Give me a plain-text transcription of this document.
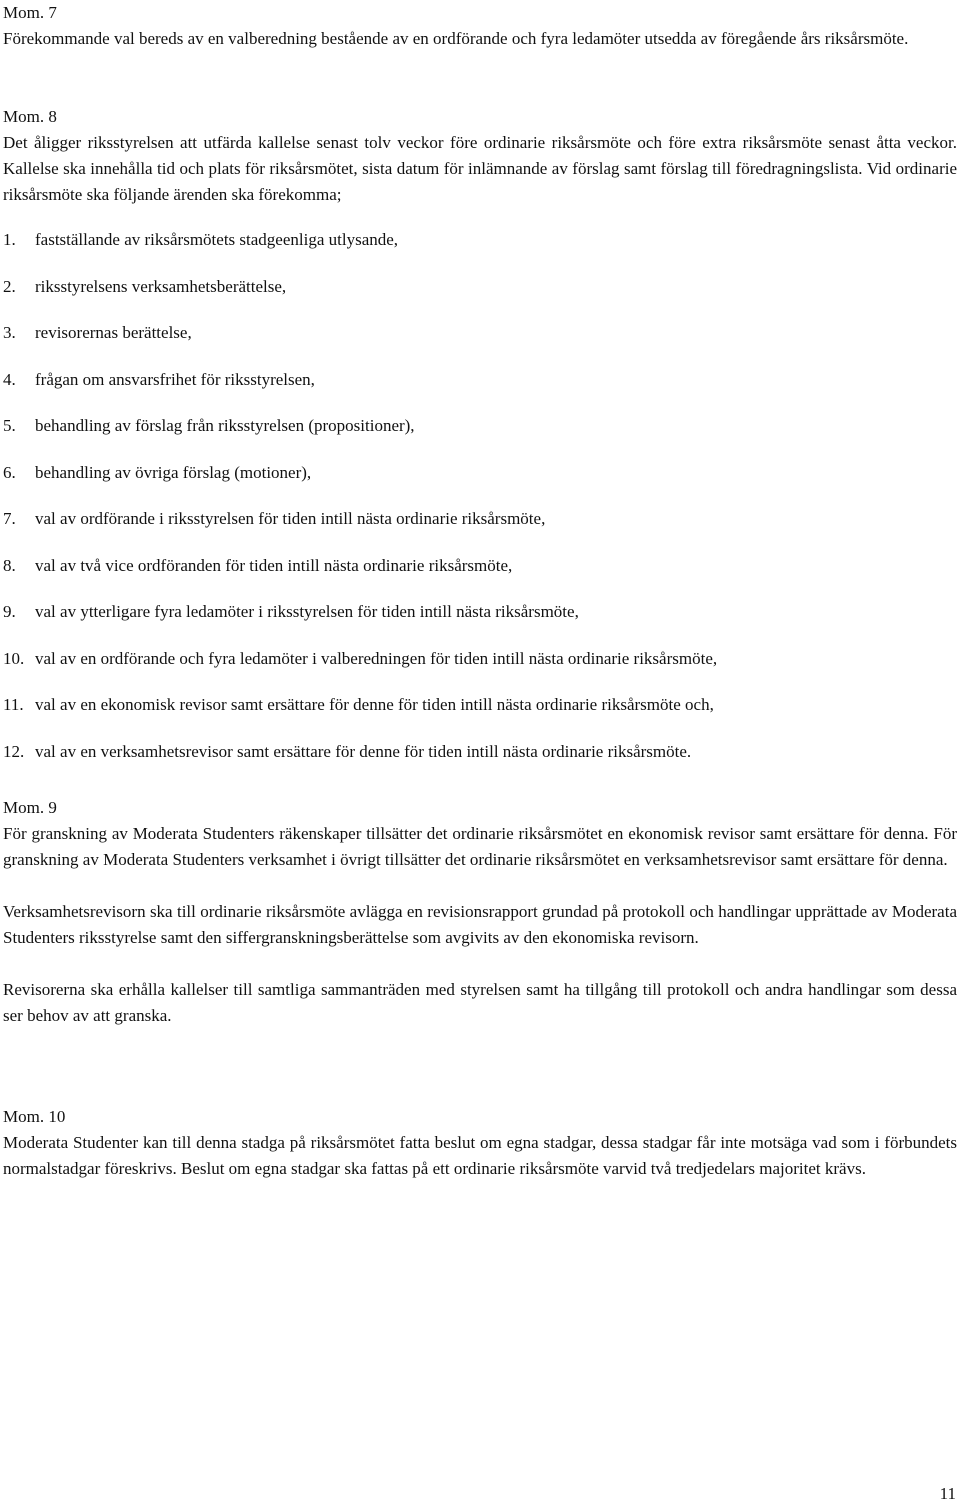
Mom. 7

Förekommande val bereds av en valberedning bestående av en ordförande och fyra ledamöter utsedda av föregående års riksårsmöte.

Mom. 8

Det åligger riksstyrelsen att utfärda kallelse senast tolv veckor före ordinarie riksårsmöte och före extra riksårsmöte senast åtta veckor. Kallelse ska innehålla tid och plats för riksårsmötet, sista datum för inlämnande av förslag samt förslag till föredragningslista. Vid ordinarie riksårsmöte ska följande ärenden ska förekomma;

1. fastställande av riksårsmötets stadgeenliga utlysande,
2. riksstyrelsens verksamhetsberättelse,
3. revisorernas berättelse,
4. frågan om ansvarsfrihet för riksstyrelsen,
5. behandling av förslag från riksstyrelsen (propositioner),
6. behandling av övriga förslag (motioner),
7. val av ordförande i riksstyrelsen för tiden intill nästa ordinarie riksårsmöte,
8. val av två vice ordföranden för tiden intill nästa ordinarie riksårsmöte,
9. val av ytterligare fyra ledamöter i riksstyrelsen för tiden intill nästa riksårsmöte,
10. val av en ordförande och fyra ledamöter i valberedningen för tiden intill nästa ordinarie riksårsmöte,
11. val av en ekonomisk revisor samt ersättare för denne för tiden intill nästa ordinarie riksårsmöte och,
12. val av en verksamhetsrevisor samt ersättare för denne för tiden intill nästa ordinarie riksårsmöte.

Mom. 9

För granskning av Moderata Studenters räkenskaper tillsätter det ordinarie riksårsmötet en ekonomisk revisor samt ersättare för denna. För granskning av Moderata Studenters verksamhet i övrigt tillsätter det ordinarie riksårsmötet en verksamhetsrevisor samt ersättare för denna.

Verksamhetsrevisorn ska till ordinarie riksårsmöte avlägga en revisionsrapport grundad på protokoll och handlingar upprättade av Moderata Studenters riksstyrelse samt den siffergranskningsberättelse som avgivits av den ekonomiska revisorn.

Revisorerna ska erhålla kallelser till samtliga sammanträden med styrelsen samt ha tillgång till protokoll och andra handlingar som dessa ser behov av att granska.

Mom. 10

Moderata Studenter kan till denna stadga på riksårsmötet fatta beslut om egna stadgar, dessa stadgar får inte motsäga vad som i förbundets normalstadgar föreskrivs. Beslut om egna stadgar ska fattas på ett ordinarie riksårsmöte varvid två tredjedelars majoritet krävs.

11
